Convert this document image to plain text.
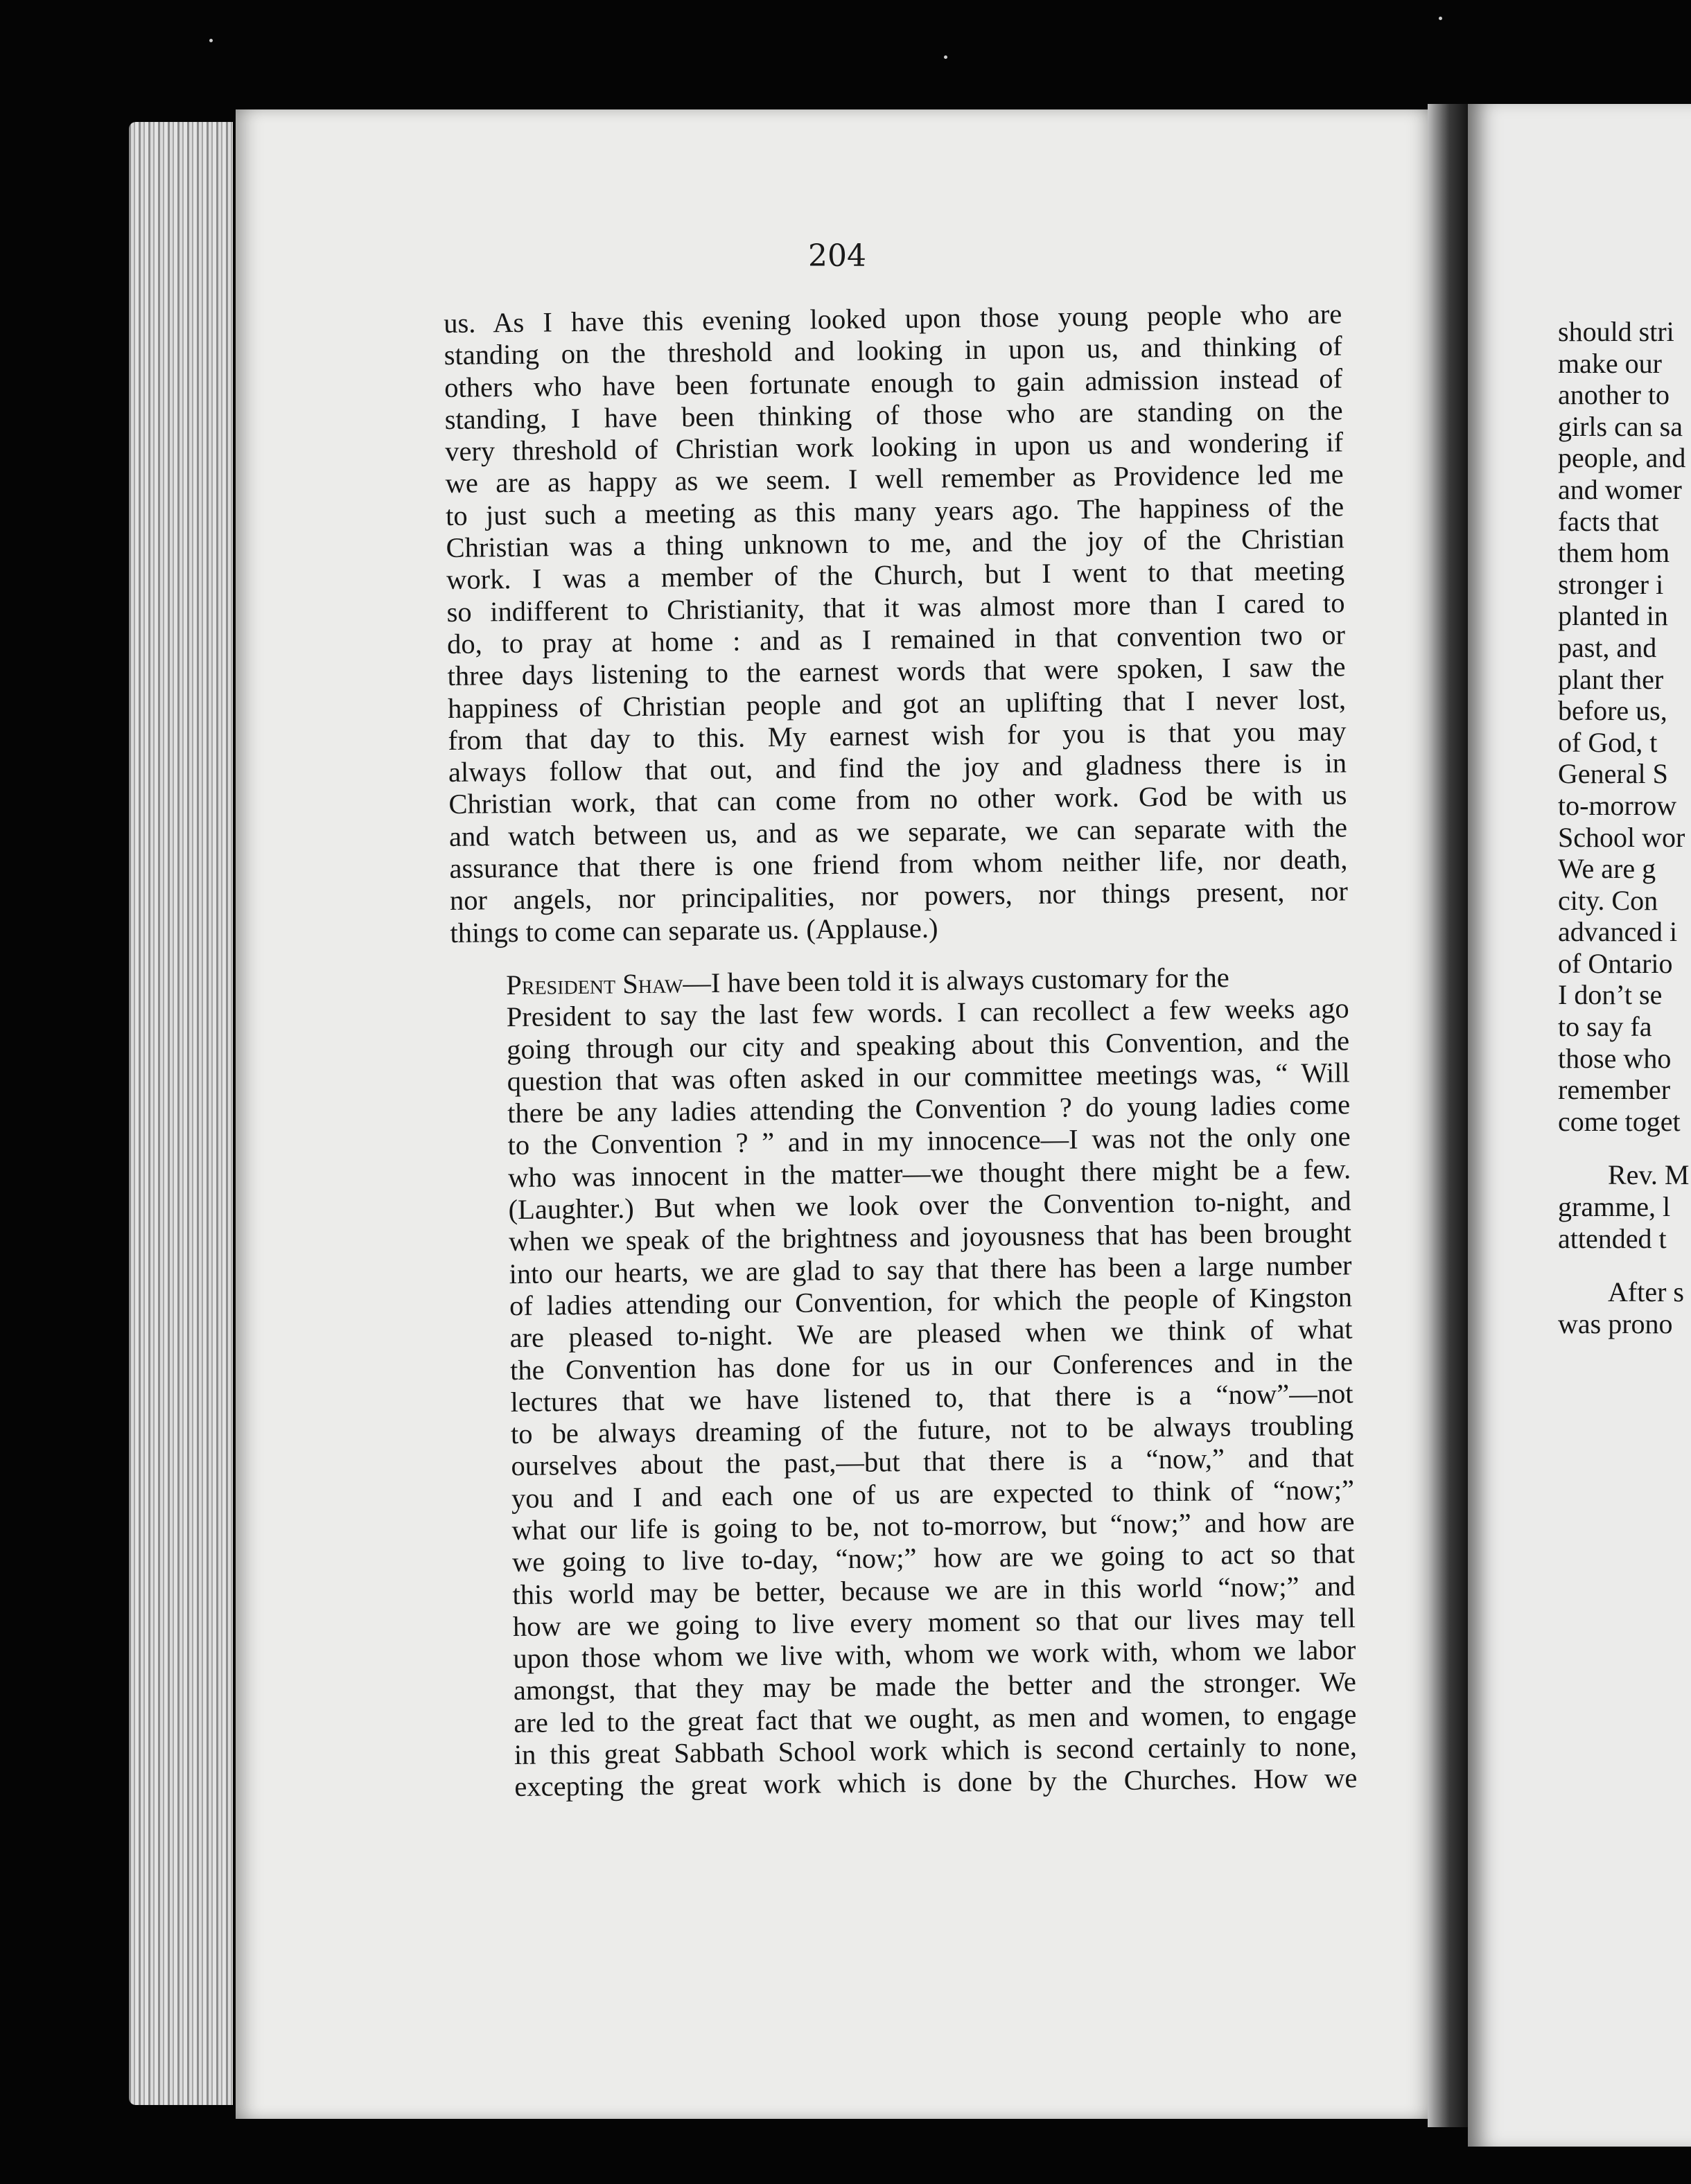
204

us. As I have this evening looked upon those young people who are
standing on the threshold and looking in upon us, and thinking of
others who have been fortunate enough to gain admission instead of
standing, I have been thinking of those who are standing on the
very threshold of Christian work looking in upon us and wondering if
we are as happy as we seem. I well remember as Providence led me
to just such a meeting as this many years ago. The happiness of the
Christian was a thing unknown to me, and the joy of the Christian
work. I was a member of the Church, but I went to that meeting
so indifferent to Christianity, that it was almost more than I cared to
do, to pray at home : and as I remained in that convention two or
three days listening to the earnest words that were spoken, I saw the
happiness of Christian people and got an uplifting that I never lost,
from that day to this. My earnest wish for you is that you may
always follow that out, and find the joy and gladness there is in
Christian work, that can come from no other work. God be with us
and watch between us, and as we separate, we can separate with the
assurance that there is one friend from whom neither life, nor death,
nor angels, nor principalities, nor powers, nor things present, nor
things to come can separate us. (Applause.)

President Shaw—I have been told it is always customary for the
President to say the last few words. I can recollect a few weeks ago
going through our city and speaking about this Convention, and the
question that was often asked in our committee meetings was, “ Will
there be any ladies attending the Convention ? do young ladies come
to the Convention ? ” and in my innocence—I was not the only one
who was innocent in the matter—we thought there might be a few.
(Laughter.) But when we look over the Convention to-night, and
when we speak of the brightness and joyousness that has been brought
into our hearts, we are glad to say that there has been a large number
of ladies attending our Convention, for which the people of Kingston
are pleased to-night. We are pleased when we think of what
the Convention has done for us in our Conferences and in the
lectures that we have listened to, that there is a “now”—not
to be always dreaming of the future, not to be always troubling
ourselves about the past,—but that there is a “now,” and that
you and I and each one of us are expected to think of “now;”
what our life is going to be, not to-morrow, but “now;” and how are
we going to live to-day, “now;” how are we going to act so that
this world may be better, because we are in this world “now;” and
how are we going to live every moment so that our lives may tell
upon those whom we live with, whom we work with, whom we labor
amongst, that they may be made the better and the stronger. We
are led to the great fact that we ought, as men and women, to engage
in this great Sabbath School work which is second certainly to none,
excepting the great work which is done by the Churches. How we

should stri
make our
another to
girls can sa
people, and
and womer
facts that
them hom
stronger i
planted in
past, and
plant ther
before us,
of God, t
General S
to-morrow
School wor
We are g
city. Con
advanced i
of Ontario
I don’t se
to say fa
those who
remember
come toget
Rev. M
gramme, l
attended t
After s
was prono
